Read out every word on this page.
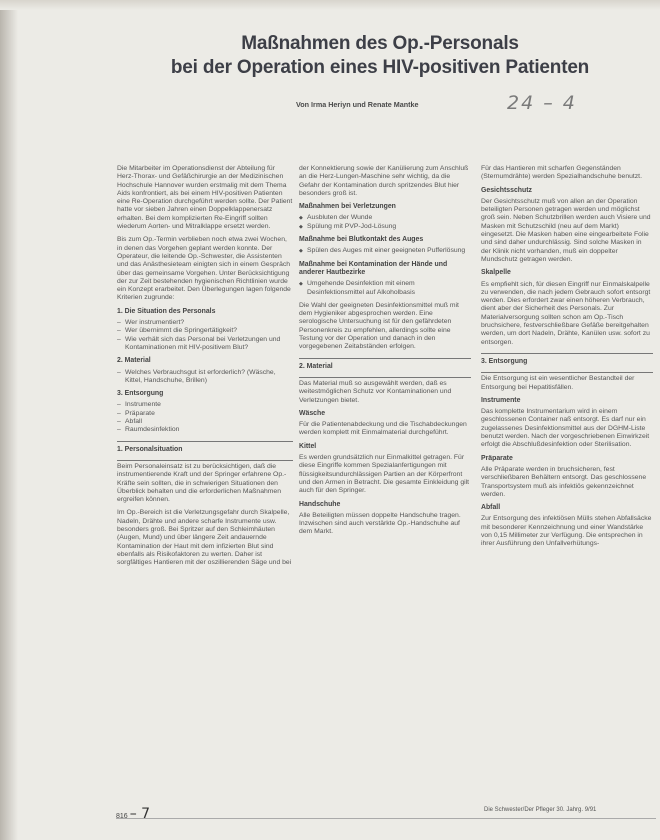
Maßnahmen des Op.-Personals
bei der Operation eines HIV-positiven Patienten
Von Irma Heriyn und Renate Mantke	24 – 4

Die Mitarbeiter im Operationsdienst der Abteilung für Herz-Thorax- und Gefäßchirurgie an der Medizinischen Hochschule Hannover wurden erstmalig mit dem Thema Aids konfrontiert, als bei einem HIV-positiven Patienten eine Re-Operation durchgeführt werden sollte. Der Patient hatte vor sieben Jahren einen Doppelklappenersatz erhalten. Bei dem komplizierten Re-Eingriff sollten wiederum Aorten- und Mitralklappe ersetzt werden.

Bis zum Op.-Termin verblieben noch etwa zwei Wochen, in denen das Vorgehen geplant werden konnte. Der Operateur, die leitende Op.-Schwester, die Assistenten und das Anästhesieteam einigten sich in einem Gespräch über das gemeinsame Vorgehen. Unter Berücksichtigung der zur Zeit bestehenden hygienischen Richtlinien wurde ein Konzept erarbeitet. Den Überlegungen lagen folgende Kriterien zugrunde:

1. Die Situation des Personals
– Wer instrumentiert?
– Wer übernimmt die Springertätigkeit?
– Wie verhält sich das Personal bei Verletzungen und Kontaminationen mit HIV-positivem Blut?
2. Material
– Welches Verbrauchsgut ist erforderlich? (Wäsche, Kittel, Handschuhe, Brillen)
3. Entsorgung
– Instrumente
– Präparate
– Abfall
– Raumdesinfektion
1. Personalsituation

Beim Personaleinsatz ist zu berücksichtigen, daß die instrumentierende Kraft und der Springer erfahrene Op.-Kräfte sein sollten, die in schwierigen Situationen den Überblick behalten und die erforderlichen Maßnahmen ergreifen können.

Im Op.-Bereich ist die Verletzungsgefahr durch Skalpelle, Nadeln, Drähte und andere scharfe Instrumente usw. besonders groß. Bei Spritzer auf den Schleimhäuten (Augen, Mund) und über längere Zeit andauernde Kontamination der Haut mit dem infizierten Blut sind ebenfalls als Risikofaktoren zu werten. Daher ist sorgfältiges Hantieren mit der oszillierenden Säge und bei

der Konnektierung sowie der Kanülierung zum Anschluß an die Herz-Lungen-Maschine sehr wichtig, da die Gefahr der Kontamination durch spritzendes Blut hier besonders groß ist.

Maßnahmen bei Verletzungen
◆ Ausbluten der Wunde
◆ Spülung mit PVP-Jod-Lösung
Maßnahme bei Blutkontakt des Auges
◆ Spülen des Auges mit einer geeigneten Pufferlösung
Maßnahme bei Kontamination der Hände und anderer Hautbezirke
◆ Umgehende Desinfektion mit einem Desinfektionsmittel auf Alkoholbasis

Die Wahl der geeigneten Desinfektionsmittel muß mit dem Hygieniker abgesprochen werden. Eine serologische Untersuchung ist für den gefährdeten Personenkreis zu empfehlen, allerdings sollte eine Testung vor der Operation und danach in den vorgegebenen Zeitabständen erfolgen.

2. Material

Das Material muß so ausgewählt werden, daß es weitestmöglichen Schutz vor Kontaminationen und Verletzungen bietet.

Wäsche

Für die Patientenabdeckung und die Tischabdeckungen werden komplett mit Einmalmaterial durchgeführt.

Kittel

Es werden grundsätzlich nur Einmalkittel getragen. Für diese Eingriffe kommen Spezialanfertigungen mit flüssigkeitsundurchlässigen Partien an der Körperfront und den Armen in Betracht. Die gesamte Einkleidung gilt auch für den Springer.

Handschuhe

Alle Beteiligten müssen doppelte Handschuhe tragen. Inzwischen sind auch verstärkte Op.-Handschuhe auf dem Markt.

Für das Hantieren mit scharfen Gegenständen (Sternumdrähte) werden Spezialhandschuhe benutzt.

Gesichtsschutz

Der Gesichtsschutz muß von allen an der Operation beteiligten Personen getragen werden und möglichst groß sein. Neben Schutzbrillen werden auch Visiere und Masken mit Schutzschild (neu auf dem Markt) eingesetzt. Die Masken haben eine eingearbeitete Folie und sind daher undurchlässig. Sind solche Masken in der Klinik nicht vorhanden, muß ein doppelter Mundschutz getragen werden.

Skalpelle

Es empfiehlt sich, für diesen Eingriff nur Einmalskalpelle zu verwenden, die nach jedem Gebrauch sofort entsorgt werden. Dies erfordert zwar einen höheren Verbrauch, dient aber der Sicherheit des Personals. Zur Materialversorgung sollten schon am Op.-Tisch bruchsichere, festverschließbare Gefäße bereitgehalten werden, um dort Nadeln, Drähte, Kanülen usw. sofort zu entsorgen.

3. Entsorgung

Die Entsorgung ist ein wesentlicher Bestandteil der Entsorgung bei Hepatitisfällen.

Instrumente

Das komplette Instrumentarium wird in einem geschlossenen Container naß entsorgt. Es darf nur ein zugelassenes Desinfektionsmittel aus der DGHM-Liste benutzt werden. Nach der vorgeschriebenen Einwirkzeit erfolgt die Abschlußdesinfektion oder Sterilisation.

Präparate

Alle Präparate werden in bruchsicheren, fest verschließbaren Behältern entsorgt. Das geschlossene Transportsystem muß als infektiös gekennzeichnet werden.

Abfall

Zur Entsorgung des infektiösen Mülls stehen Abfallsäcke mit besonderer Kennzeichnung und einer Wandstärke von 0,15 Millimeter zur Verfügung. Die entsprechen in ihrer Ausführung den Unfallverhütungs-

816 – 7	Die Schwester/Der Pfleger 30. Jahrg. 9/91
